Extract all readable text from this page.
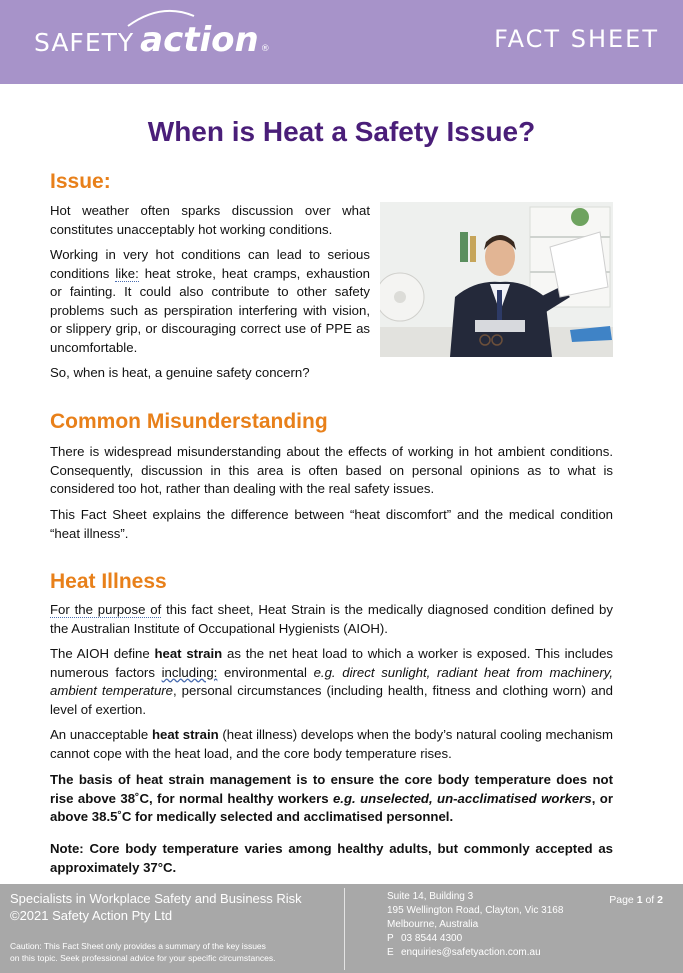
SAFETY action ®	FACT SHEET
When is Heat a Safety Issue?
Issue:
Hot weather often sparks discussion over what constitutes unacceptably hot working conditions.
Working in very hot conditions can lead to serious conditions like: heat stroke, heat cramps, exhaustion or fainting. It could also contribute to other safety problems such as perspiration interfering with vision, or slippery grip, or discouraging correct use of PPE as uncomfortable.
So, when is heat, a genuine safety concern?
Common Misunderstanding
There is widespread misunderstanding about the effects of working in hot ambient conditions. Consequently, discussion in this area is often based on personal opinions as to what is considered too hot, rather than dealing with the real safety issues.
This Fact Sheet explains the difference between “heat discomfort” and the medical condition “heat illness”.
Heat Illness
For the purpose of this fact sheet, Heat Strain is the medically diagnosed condition defined by the Australian Institute of Occupational Hygienists (AIOH).
The AIOH define heat strain as the net heat load to which a worker is exposed. This includes numerous factors including: environmental e.g. direct sunlight, radiant heat from machinery, ambient temperature, personal circumstances (including health, fitness and clothing worn) and level of exertion.
An unacceptable heat strain (heat illness) develops when the body’s natural cooling mechanism cannot cope with the heat load, and the core body temperature rises.
The basis of heat strain management is to ensure the core body temperature does not rise above 38˚C, for normal healthy workers e.g. unselected, un-acclimatised workers, or above 38.5˚C for medically selected and acclimatised personnel.
Note: Core body temperature varies among healthy adults, but commonly accepted as approximately 37°C.
Specialists in Workplace Safety and Business Risk
©2021 Safety Action Pty Ltd
Caution: This Fact Sheet only provides a summary of the key issues
on this topic. Seek professional advice for your specific circumstances.
Suite 14, Building 3
195 Wellington Road, Clayton, Vic 3168
Melbourne, Australia
P 03 8544 4300
E enquiries@safetyaction.com.au
Page 1 of 2
